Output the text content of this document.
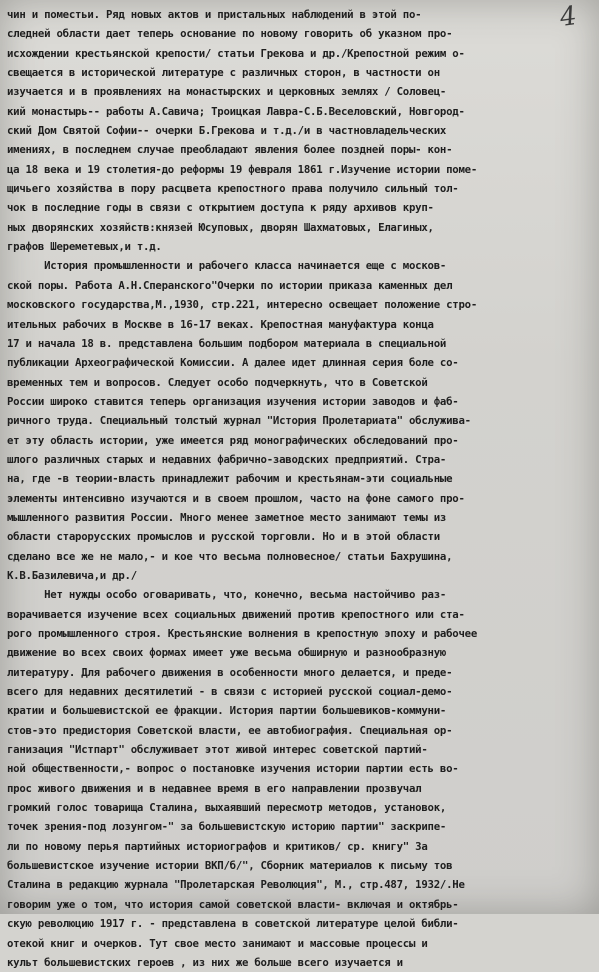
4
чин и поместьи. Ряд новых актов и пристальных наблюдений в этой по-
следней области дает теперь основание по новому говорить об указном про-
исхождении крестьянской крепости/ статьи Грекова и др./Крепостной режим о-
свещается в исторической литературе с различных сторон, в частности он
изучается и в проявлениях на монастырских и церковных землях / Соловец-
кий монастырь-- работы А.Савича; Троицкая Лавра-С.Б.Веселовский, Новгород-
ский Дом Святой Софии-- очерки Б.Грекова и т.д./и в частновладельческих
имениях, в последнем случае преобладают явления более поздней поры- кон-
ца 18 века и 19 столетия-до реформы 19 февраля 1861 г.Изучение истории поме-
щичьего хозяйства в пору расцвета крепостного права получило сильный тол-
чок в последние годы в связи с открытием доступа к ряду архивов круп-
ных дворянских хозяйств:князей Юсуповых, дворян Шахматовых, Елагиных,
графов Шереметевых,и т.д.
История промышленности и рабочего класса начинается еще с москов-
ской поры. Работа А.Н.Сперанского"Очерки по истории приказа каменных дел
московского государства,М.,1930, стр.221, интересно освещает положение стро-
ительных рабочих в Москве в 16-17 веках. Крепостная мануфактура конца
17 и начала 18 в. представлена большим подбором материала в специальной
публикации Археографической Комиссии. А далее идет длинная серия боле со-
временных тем и вопросов. Следует особо подчеркнуть, что в Советской
России широко ставится теперь организация изучения истории заводов и фаб-
ричного труда. Специальный толстый журнал "История Пролетариата" обслужива-
ет эту область истории, уже имеется ряд монографических обследований про-
шлого различных старых и недавних фабрично-заводских предприятий. Стра-
на, где -в теории-власть принадлежит рабочим и крестьянам-эти социальные
элементы интенсивно изучаются и в своем прошлом, часто на фоне самого про-
мышленного развития России. Много менее заметное место занимают темы из
области старорусских промыслов и русской торговли. Но и в этой области
сделано все же не мало,- и кое что весьма полновесное/ статьи Бахрушина,
К.В.Базилевича,и др./
Нет нужды особо оговаривать, что, конечно, весьма настойчиво раз-
ворачивается изучение всех социальных движений против крепостного или ста-
рого промышленного строя. Крестьянские волнения в крепостную эпоху и рабочее
движение во всех своих формах имеет уже весьма обширную и разнообразную
литературу. Для рабочего движения в особенности много делается, и преде-
всего для недавних десятилетий - в связи с историей русской социал-демо-
кратии и большевистской ее фракции. История партии большевиков-коммуни-
стов-это предистория Советской власти, ее автобиография. Специальная ор-
ганизация "Истпарт" обслуживает этот живой интерес советской партий-
ной общественности,- вопрос о постановке изучения истории партии есть во-
прос живого движения и в недавнее время в его направлении прозвучал
громкий голос товарища Сталина, выхаявший пересмотр методов, установок,
точек зрения-под лозунгом-" за большевистскую историю партии" заскрипе-
ли по новому перья партийных историографов и критиков/ ср. книгу" За
большевистское изучение истории ВКП/б/", Сборник материалов к письму тов
Сталина в редакцию журнала "Пролетарская Революция", М., стр.487, 1932/.Не
говорим уже о том, что история самой советской власти- включая и октябрь-
скую революцию 1917 г. - представлена в советской литературе целой библи-
отекой книг и очерков. Тут свое место занимают и массовые процессы и
культ большевистских героев , из них же больше всего изучается и
